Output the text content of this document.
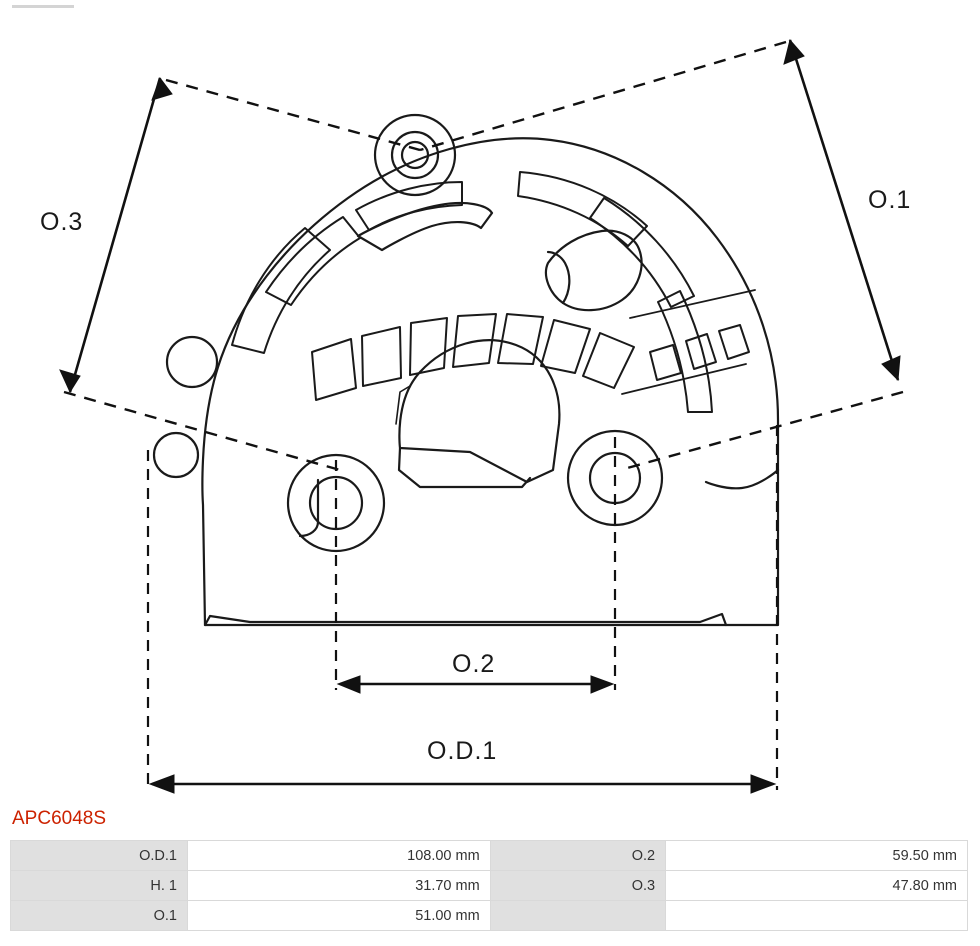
O.3
O.1
O.2
O.D.1
APC6048S
O.D.1	108.00 mm	O.2	59.50 mm
H. 1	31.70 mm	O.3	47.80 mm
O.1	51.00 mm		
